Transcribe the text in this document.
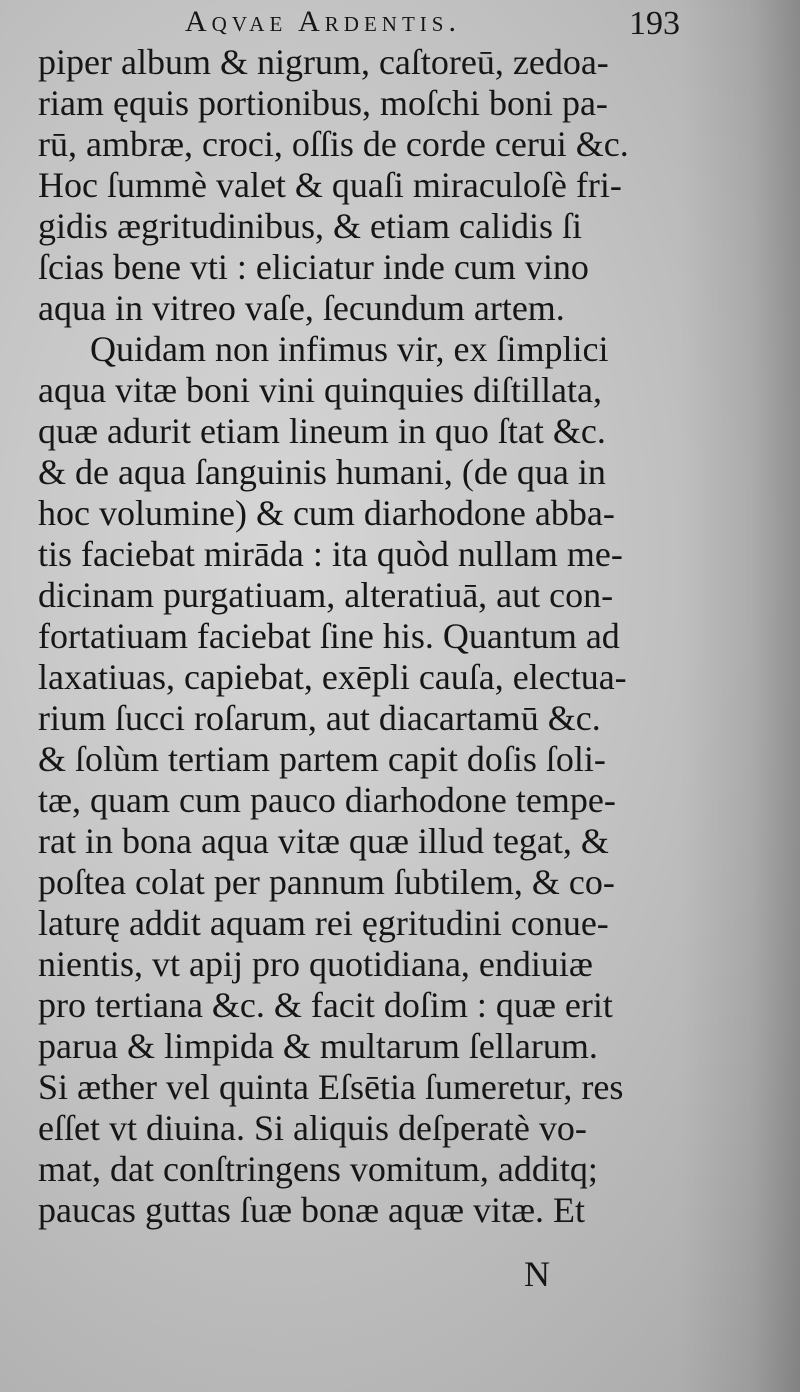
Aqvae Ardentis.	193
piper album & nigrum, caſtoreū, zedoa-
riam ęquis portionibus, moſchi boni pa-
rū, ambræ, croci, oſſis de corde cerui &c.
Hoc ſummè valet & quaſi miraculoſè fri-
gidis ægritudinibus, & etiam calidis ſi
ſcias bene vti : eliciatur inde cum vino
aqua in vitreo vaſe, ſecundum artem.
Quidam non infimus vir, ex ſimplici
aqua vitæ boni vini quinquies diſtillata,
quæ adurit etiam lineum in quo ſtat &c.
& de aqua ſanguinis humani, (de qua in
hoc volumine) & cum diarhodone abba-
tis faciebat mirāda : ita quòd nullam me-
dicinam purgatiuam, alteratiuā, aut con-
fortatiuam faciebat ſine his. Quantum ad
laxatiuas, capiebat, exēpli cauſa, electua-
rium ſucci roſarum, aut diacartamū &c.
& ſolùm tertiam partem capit doſis ſoli-
tæ, quam cum pauco diarhodone tempe-
rat in bona aqua vitæ quæ illud tegat, &
poſtea colat per pannum ſubtilem, & co-
laturę addit aquam rei ęgritudini conue-
nientis, vt apij pro quotidiana, endiuiæ
pro tertiana &c. & facit doſim : quæ erit
parua & limpida & multarum ſellarum.
Si æther vel quinta Eſsētia ſumeretur, res
eſſet vt diuina. Si aliquis deſperatè vo-
mat, dat conſtringens vomitum, additq;
paucas guttas ſuæ bonæ aquæ vitæ. Et
N
